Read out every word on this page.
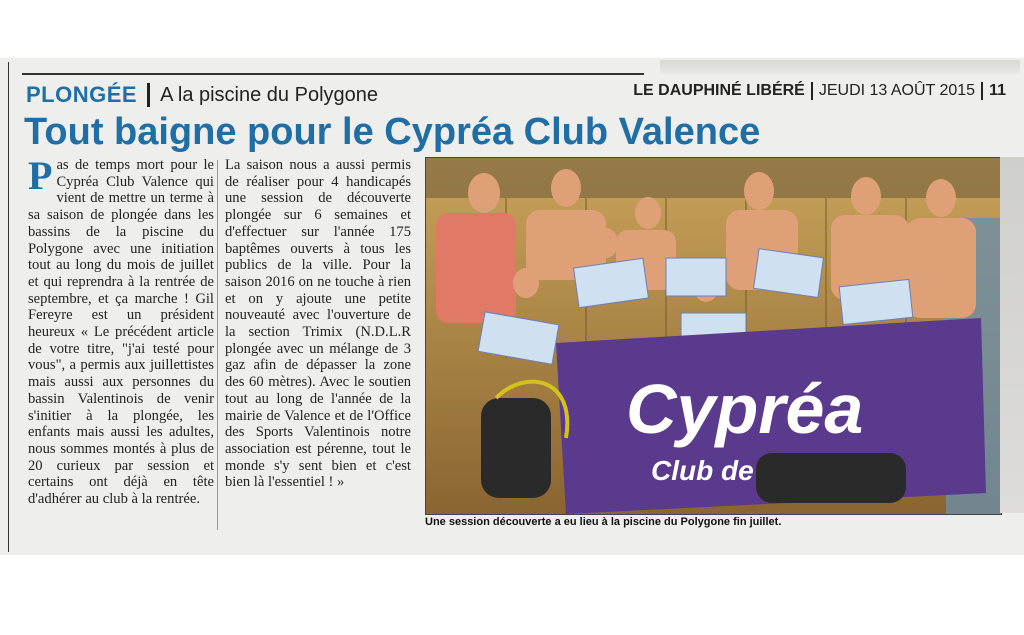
PLONGÉE A la piscine du Polygone	LE DAUPHINÉ LIBÉRÉ JEUDI 13 AOÛT 2015 11
Tout baigne pour le Cypréa Club Valence
Pas de temps mort pour le Cypréa Club Valence qui vient de mettre un terme à sa saison de plongée dans les bassins de la piscine du Polygone avec une initiation tout au long du mois de juillet et qui reprendra à la rentrée de septembre, et ça marche ! Gil Fereyre est un président heureux « Le précédent article de votre titre, "j'ai testé pour vous", a permis aux juillettistes mais aussi aux personnes du bassin Valentinois de venir s'initier à la plongée, les enfants mais aussi les adultes, nous sommes montés à plus de 20 curieux par session et certains ont déjà en tête d'adhérer au club à la rentrée.
La saison nous a aussi permis de réaliser pour 4 handicapés une session de découverte plongée sur 6 semaines et d'effectuer sur l'année 175 baptêmes ouverts à tous les publics de la ville. Pour la saison 2016 on ne touche à rien et on y ajoute une petite nouveauté avec l'ouverture de la section Trimix (N.D.L.R plongée avec un mélange de 3 gaz afin de dépasser la zone des 60 mètres). Avec le soutien tout au long de l'année de la mairie de Valence et de l'Office des Sports Valentinois notre association est pérenne, tout le monde s'y sent bien et c'est bien là l'essentiel ! »
Cypréa
Club de
Une session découverte a eu lieu à la piscine du Polygone fin juillet.
